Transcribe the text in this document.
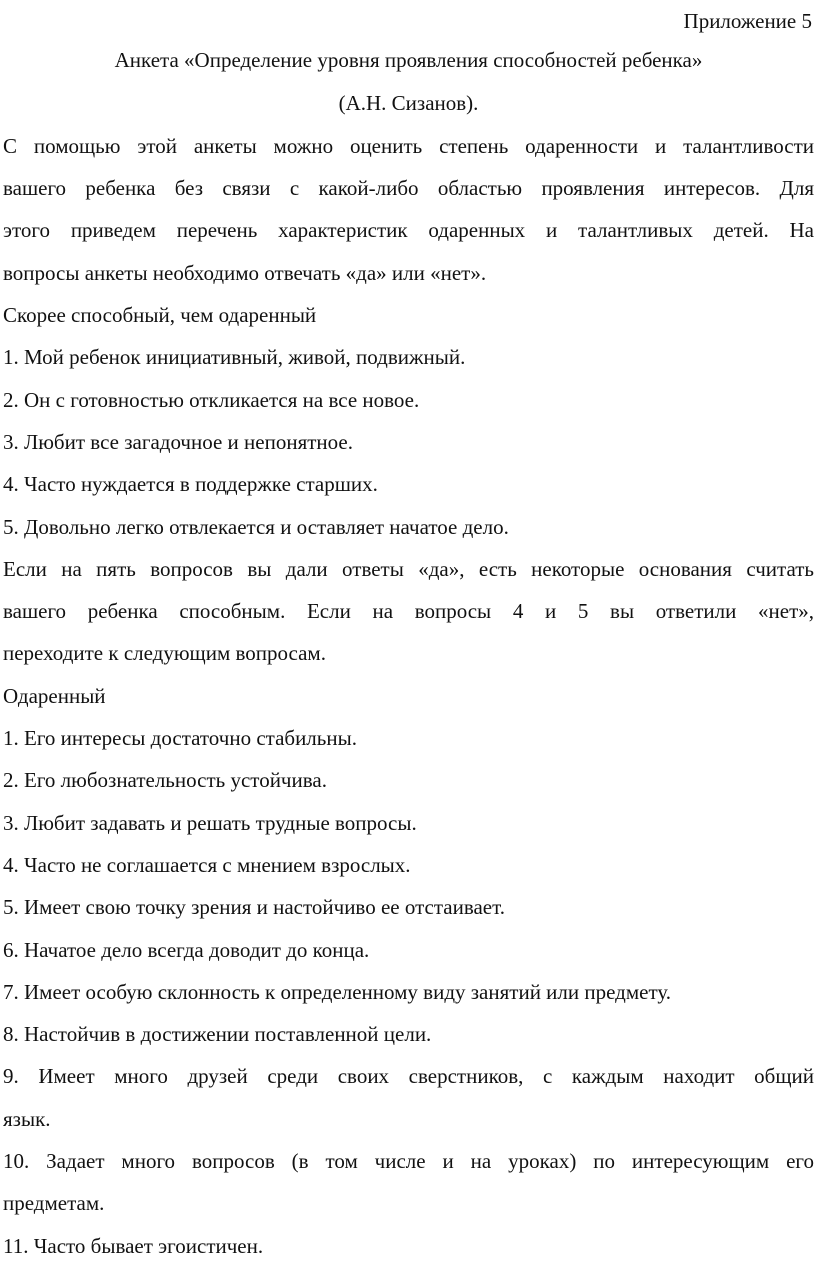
Приложение 5
Анкета «Определение уровня проявления способностей ребенка»
(А.Н. Сизанов).
С помощью этой анкеты можно оценить степень одаренности и талантливости
вашего ребенка без связи с какой-либо областью проявления интересов. Для
этого приведем перечень характеристик одаренных и талантливых детей. На
вопросы анкеты необходимо отвечать «да» или «нет».
Скорее способный, чем одаренный
1. Мой ребенок инициативный, живой, подвижный.
2. Он с готовностью откликается на все новое.
3. Любит все загадочное и непонятное.
4. Часто нуждается в поддержке старших.
5. Довольно легко отвлекается и оставляет начатое дело.
Если на пять вопросов вы дали ответы «да», есть некоторые основания считать
вашего ребенка способным. Если на вопросы 4 и 5 вы ответили «нет»,
переходите к следующим вопросам.
Одаренный
1. Его интересы достаточно стабильны.
2. Его любознательность устойчива.
3. Любит задавать и решать трудные вопросы.
4. Часто не соглашается с мнением взрослых.
5. Имеет свою точку зрения и настойчиво ее отстаивает.
6. Начатое дело всегда доводит до конца.
7. Имеет особую склонность к определенному виду занятий или предмету.
8. Настойчив в достижении поставленной цели.
9. Имеет много друзей среди своих сверстников, с каждым находит общий
язык.
10. Задает много вопросов (в том числе и на уроках) по интересующим его
предметам.
11. Часто бывает эгоистичен.
